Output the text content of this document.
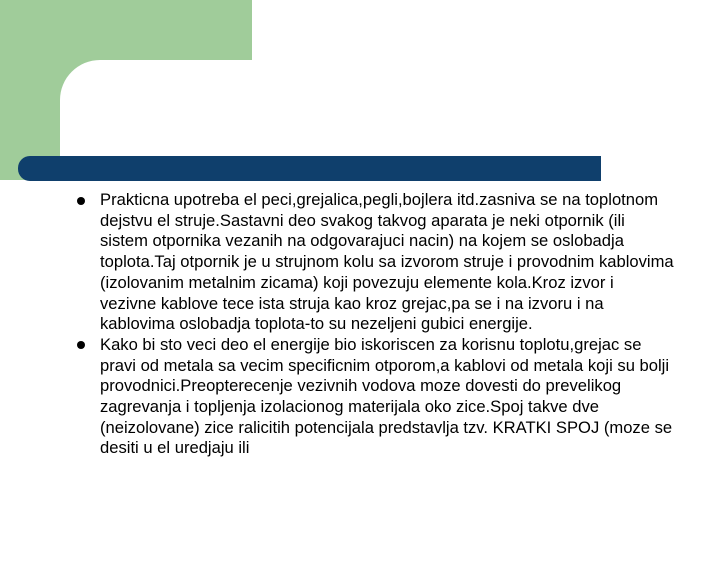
Prakticna upotreba el peci,grejalica,pegli,bojlera itd.zasniva se na toplotnom dejstvu el struje.Sastavni deo svakog takvog aparata je neki otpornik (ili sistem otpornika vezanih na odgovarajuci nacin) na kojem se oslobadja toplota.Taj otpornik je u strujnom kolu sa izvorom struje i provodnim kablovima (izolovanim metalnim zicama) koji povezuju elemente kola.Kroz izvor i vezivne kablove tece ista struja kao kroz grejac,pa se i na izvoru i na kablovima oslobadja toplota-to su nezeljeni gubici energije.
Kako bi sto veci deo el energije bio iskoriscen za korisnu toplotu,grejac se pravi od metala sa vecim specificnim otporom,a kablovi od metala koji su bolji provodnici.Preopterecenje vezivnih vodova moze dovesti do prevelikog zagrevanja i topljenja izolacionog materijala oko zice.Spoj takve dve (neizolovane) zice ralicitih potencijala predstavlja tzv. KRATKI SPOJ (moze se desiti u el uredjaju ili
